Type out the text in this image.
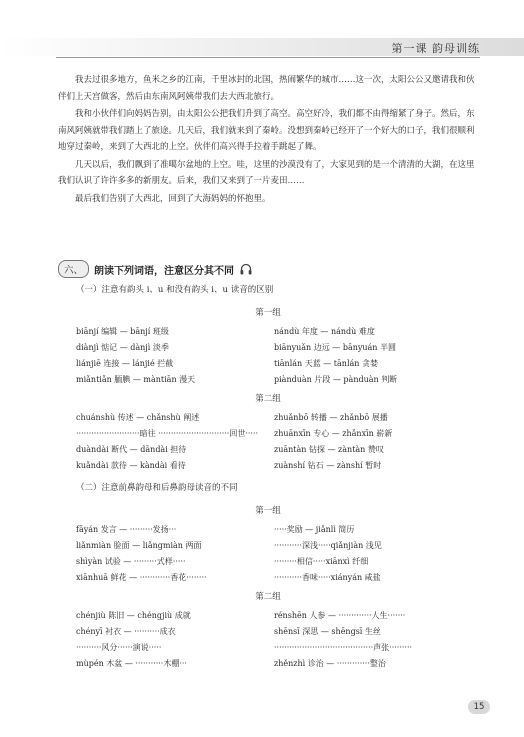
第一课 韵母训练

我去过很多地方，鱼米之乡的江南，千里冰封的北国，热闹繁华的城市……这一次，太阳公公又邀请我和伙伴们上天宫做客，然后由东南风阿姨带我们去大西北旅行。

我和小伙伴们向妈妈告别，由太阳公公把我们升到了高空。高空好冷，我们都不由得缩紧了身子。然后，东南风阿姨就带我们踏上了旅途。几天后，我们就来到了秦岭。没想到秦岭已经开了一个好大的口子，我们很顺利地穿过秦岭，来到了大西北的上空。伙伴们高兴得手拉着手跳起了舞。

几天以后，我们飘到了准噶尔盆地的上空。哇，这里的沙漠没有了，大家见到的是一个清清的大湖，在这里我们认识了许许多多的新朋友。后来，我们又来到了一片麦田……

最后我们告别了大西北，回到了大海妈妈的怀抱里。

六、	朗读下列词语，注意区分其不同
（一）注意有韵头 i、u 和没有韵头 i、u 读音的区别
第一组
biānjí 编辑 — bānjí 班级	nándù 年度 — nándù 难度
diànjì 惦记 — dànjì 淡季	biānyuǎn 边远 — bānyuán 半圆
liánjiē 连接 — lánjié 拦截	tiānlán 天蓝 — tānlán 贪婪
miǎntiǎn 腼腆 — màntiān 漫天	piànduàn 片段 — pànduàn 判断
第二组
chuánshù 传述 — chǎnshù 阐述	zhuǎnbō 转播 — zhǎnbō 展播
·························暗往 ····························回世·····	zhuānxīn 专心 — zhǎnxīn 崭新
duàndài 断代 — dāndài 担待	zuāntàn 钻探 — zàntàn 赞叹
kuǎndài 款待 — kàndài 看待	zuànshí 钻石 — zànshí 暂时
（二）注意前鼻韵母和后鼻韵母读音的不同
第一组
fāyán 发言 — ·········发扬···	·····奖励 — jiǎnlì 简历
liǎnmiàn 脸面 — liǎngmiàn 两面	···········深浅·····qiǎnjiàn 浅见
shìyàn 试验 — ·········式样·····	·········相信·····xiānxì 纤细
xiānhuā 鲜花 — ············香花········	···········香味·····xiányán 咸盐
第二组
chénjiù 陈旧 — chéngjiù 成就	rénshēn 人参 — ·············人生·······
chényī 衬衣 — ··········成衣	shēnsī 深思 — shēngsī 生丝
··········风分······演说·····	·······································声张·········
mùpén 木盆 — ···········木棚···	zhěnzhì 诊治 — ·············整治
15
